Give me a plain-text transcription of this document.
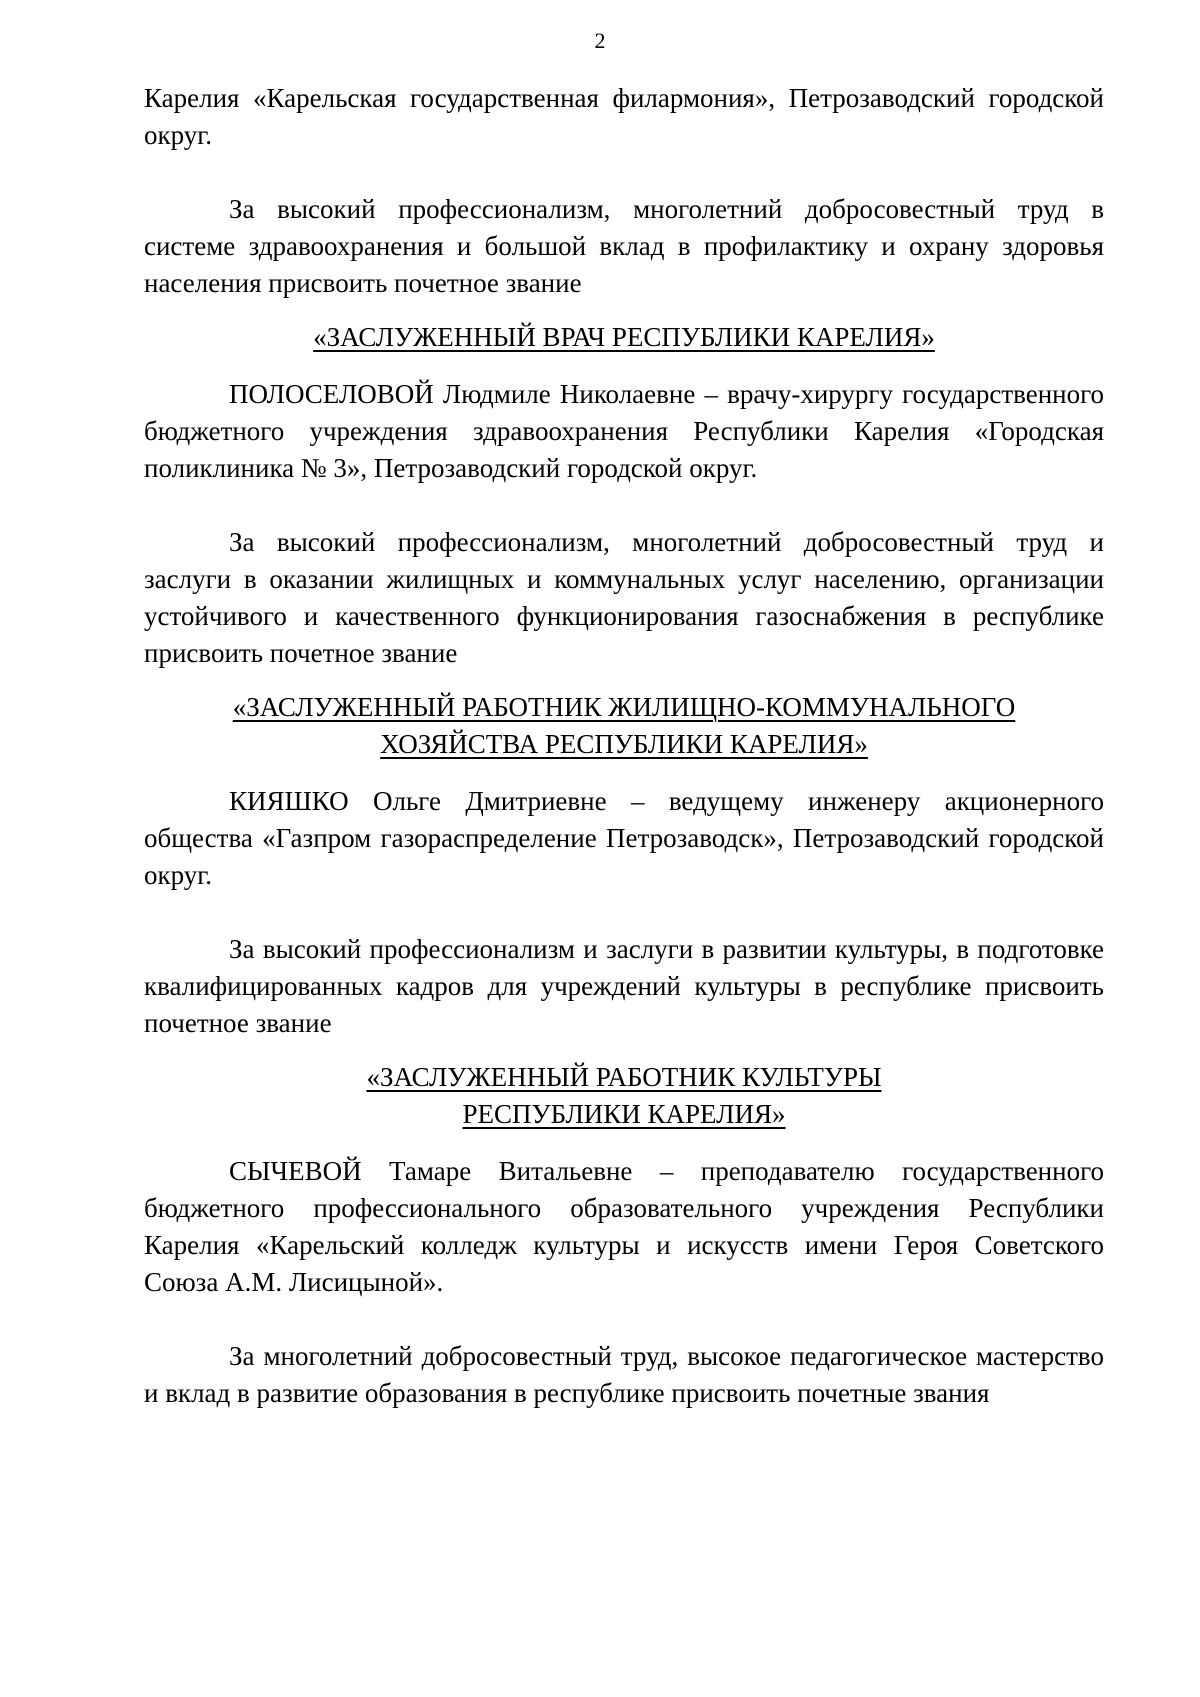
2

Карелия «Карельская государственная филармония», Петрозаводский городской округ.

За высокий профессионализм, многолетний добросовестный труд в системе здравоохранения и большой вклад в профилактику и охрану здоровья населения присвоить почетное звание

«ЗАСЛУЖЕННЫЙ ВРАЧ РЕСПУБЛИКИ КАРЕЛИЯ»

ПОЛОСЕЛОВОЙ Людмиле Николаевне – врачу-хирургу государственного бюджетного учреждения здравоохранения Республики Карелия «Городская поликлиника № 3», Петрозаводский городской округ.

За высокий профессионализм, многолетний добросовестный труд и заслуги в оказании жилищных и коммунальных услуг населению, организации устойчивого и качественного функционирования газоснабжения в республике присвоить почетное звание

«ЗАСЛУЖЕННЫЙ РАБОТНИК ЖИЛИЩНО-КОММУНАЛЬНОГО
ХОЗЯЙСТВА РЕСПУБЛИКИ КАРЕЛИЯ»

КИЯШКО Ольге Дмитриевне – ведущему инженеру акционерного общества «Газпром газораспределение Петрозаводск», Петрозаводский городской округ.

За высокий профессионализм и заслуги в развитии культуры, в подготовке квалифицированных кадров для учреждений культуры в республике присвоить почетное звание

«ЗАСЛУЖЕННЫЙ РАБОТНИК КУЛЬТУРЫ
РЕСПУБЛИКИ КАРЕЛИЯ»

СЫЧЕВОЙ Тамаре Витальевне – преподавателю государственного бюджетного профессионального образовательного учреждения Республики Карелия «Карельский колледж культуры и искусств имени Героя Советского Союза А.М. Лисицыной».

За многолетний добросовестный труд, высокое педагогическое мастерство и вклад в развитие образования в республике присвоить почетные звания
